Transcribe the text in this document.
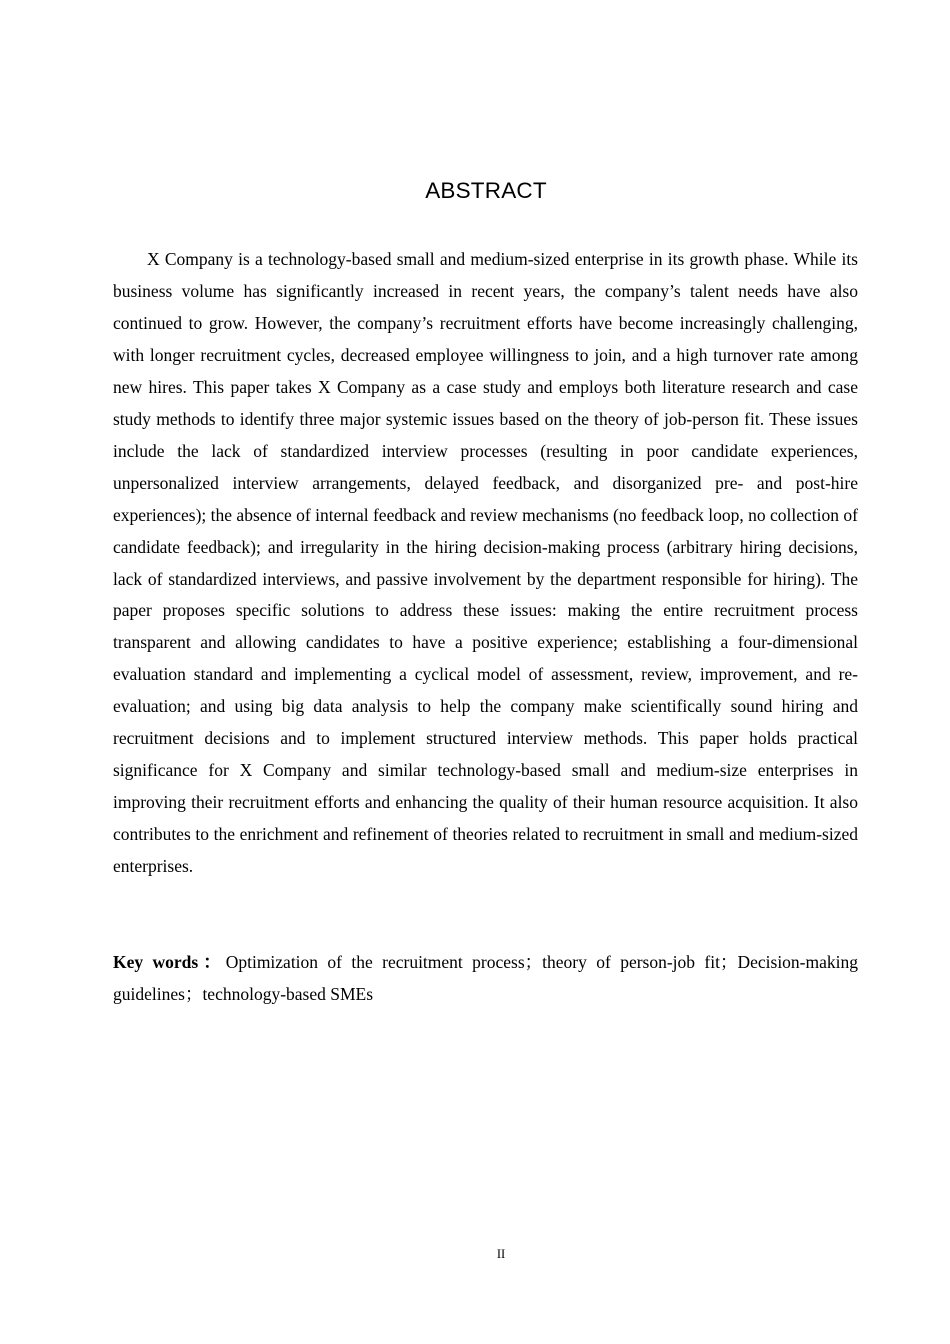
ABSTRACT

X Company is a technology-based small and medium-sized enterprise in its growth phase. While its business volume has significantly increased in recent years, the company’s talent needs have also continued to grow. However, the company’s recruitment efforts have become increasingly challenging, with longer recruitment cycles, decreased employee willingness to join, and a high turnover rate among new hires. This paper takes X Company as a case study and employs both literature research and case study methods to identify three major systemic issues based on the theory of job-person fit. These issues include the lack of standardized interview processes (resulting in poor candidate experiences, unpersonalized interview arrangements, delayed feedback, and disorganized pre- and post-hire experiences); the absence of internal feedback and review mechanisms (no feedback loop, no collection of candidate feedback); and irregularity in the hiring decision-making process (arbitrary hiring decisions, lack of standardized interviews, and passive involvement by the department responsible for hiring). The paper proposes specific solutions to address these issues: making the entire recruitment process transparent and allowing candidates to have a positive experience; establishing a four-dimensional evaluation standard and implementing a cyclical model of assessment, review, improvement, and re-evaluation; and using big data analysis to help the company make scientifically sound hiring and recruitment decisions and to implement structured interview methods. This paper holds practical significance for X Company and similar technology-based small and medium-size enterprises in improving their recruitment efforts and enhancing the quality of their human resource acquisition. It also contributes to the enrichment and refinement of theories related to recruitment in small and medium-sized enterprises.

Key words：Optimization of the recruitment process；theory of person-job fit；Decision-making guidelines；technology-based SMEs

II
